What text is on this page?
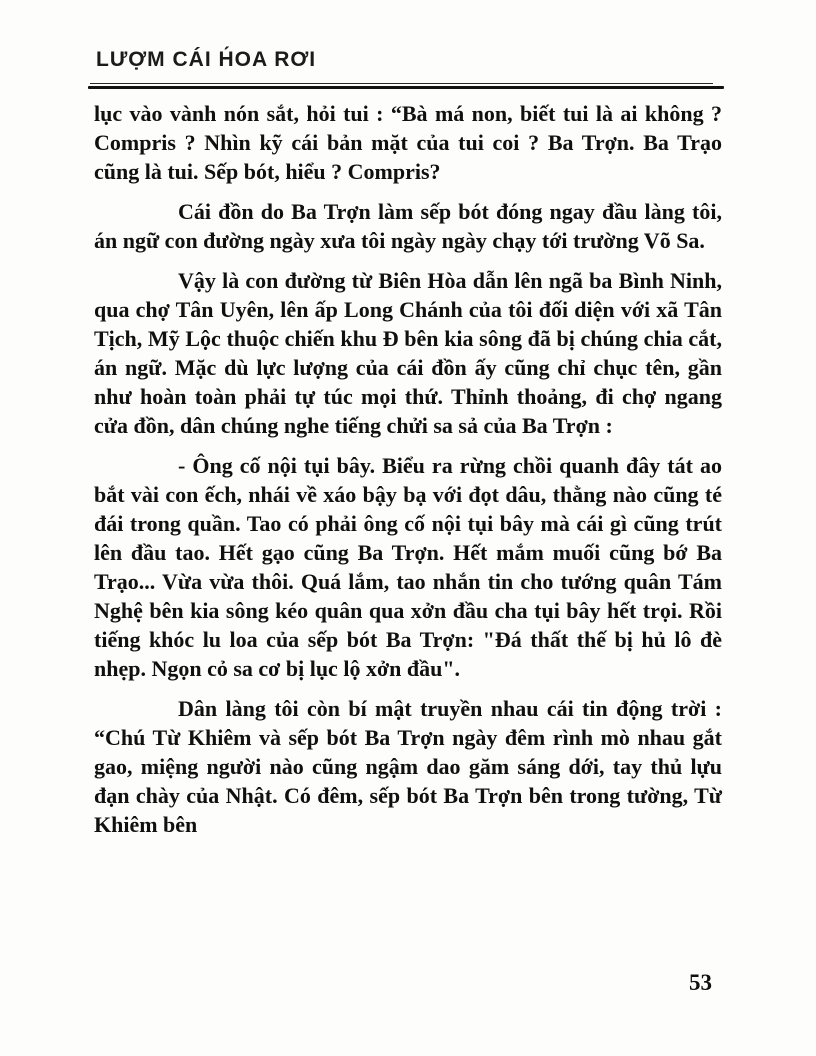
LƯỢM CÁI H́OA RƠI

lục vào vành nón sắt, hỏi tui : “Bà má non, biết tui là ai không ? Compris ? Nhìn kỹ cái bản mặt của tui coi ? Ba Trợn. Ba Trạo cũng là tui. Sếp bót, hiểu ? Compris?

Cái đồn do Ba Trợn làm sếp bót đóng ngay đầu làng tôi, án ngữ con đường ngày xưa tôi ngày ngày chạy tới trường Võ Sa.

Vậy là con đường từ Biên Hòa dẫn lên ngã ba Bình Ninh, qua chợ Tân Uyên, lên ấp Long Chánh của tôi đối diện với xã Tân Tịch, Mỹ Lộc thuộc chiến khu Đ bên kia sông đã bị chúng chia cắt, án ngữ. Mặc dù lực lượng của cái đồn ấy cũng chỉ chục tên, gần như hoàn toàn phải tự túc mọi thứ. Thỉnh thoảng, đi chợ ngang cửa đồn, dân chúng nghe tiếng chửi sa sả của Ba Trợn :

- Ông cố nội tụi bây. Biểu ra rừng chồi quanh đây tát ao bắt vài con ếch, nhái về xáo bậy bạ với đọt dâu, thằng nào cũng té đái trong quần. Tao có phải ông cố nội tụi bây mà cái gì cũng trút lên đầu tao. Hết gạo cũng Ba Trợn. Hết mắm muối cũng bớ Ba Trạo... Vừa vừa thôi. Quá lắm, tao nhắn tin cho tướng quân Tám Nghệ bên kia sông kéo quân qua xởn đầu cha tụi bây hết trọi. Rồi tiếng khóc lu loa của sếp bót Ba Trợn: "Đá thất thế bị hủ lô đè nhẹp. Ngọn cỏ sa cơ bị lục lộ xởn đầu".

Dân làng tôi còn bí mật truyền nhau cái tin động trời : “Chú Từ Khiêm và sếp bót Ba Trợn ngày đêm rình mò nhau gắt gao, miệng người nào cũng ngậm dao găm sáng dới, tay thủ lựu đạn chày của Nhật. Có đêm, sếp bót Ba Trợn bên trong tường, Từ Khiêm bên

53
